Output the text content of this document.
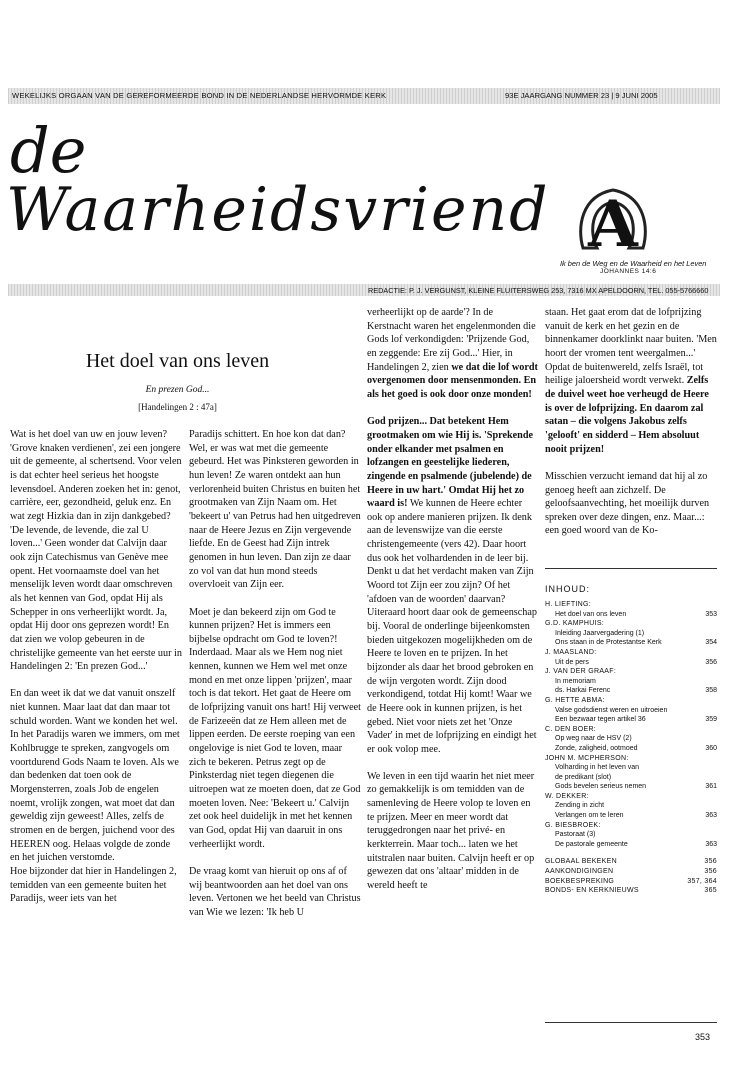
WEKELIJKS ORGAAN VAN DE GEREFORMEERDE BOND IN DE NEDERLANDSE HERVORMDE KERK	93E JAARGANG NUMMER 23 | 9 JUNI 2005
de
Waarheidsvriend A
Ik ben de Weg en de Waarheid en het Leven
JOHANNES 14:6
REDACTIE: P. J. VERGUNST, KLEINE FLUITERSWEG 253, 7316 MX APELDOORN, TEL. 055-5766660
Het doel van ons leven
En prezen God...
[Handelingen 2 : 47a]

Wat is het doel van uw en jouw leven? 'Grove knaken verdienen', zei een jongere uit de gemeente, al schertsend. Voor velen is dat echter heel serieus het hoogste levensdoel. Anderen zoeken het in: genot, carrière, eer, gezondheid, geluk enz. En wat zegt Hizkia dan in zijn dankgebed? 'De levende, de levende, die zal U loven...' Geen wonder dat Calvijn daar ook zijn Catechismus van Genève mee opent. Het voornaamste doel van het menselijk leven wordt daar omschreven als het kennen van God, opdat Hij als Schepper in ons verheerlijkt wordt. Ja, opdat Hij door ons geprezen wordt! En dat zien we volop gebeuren in de christelijke gemeente van het eerste uur in Handelingen 2: 'En prezen God...'

En dan weet ik dat we dat vanuit onszelf niet kunnen. Maar laat dat dan maar tot schuld worden. Want we konden het wel. In het Paradijs waren we immers, om met Kohlbrugge te spreken, zangvogels om voortdurend Gods Naam te loven. Als we dan bedenken dat toen ook de Morgensterren, zoals Job de engelen noemt, vrolijk zongen, wat moet dat dan geweldig zijn geweest! Alles, zelfs de stromen en de bergen, juichend voor des HEEREN oog. Helaas volgde de zonde en het juichen verstomde.

Hoe bijzonder dat hier in Handelingen 2, temidden van een gemeente buiten het Paradijs, weer iets van het

Paradijs schittert. En hoe kon dat dan? Wel, er was wat met die gemeente gebeurd. Het was Pinksteren geworden in hun leven! Ze waren ontdekt aan hun verlorenheid buiten Christus en buiten het grootmaken van Zijn Naam om. Het 'bekeert u' van Petrus had hen uitgedreven naar de Heere Jezus en Zijn vergevende liefde. En de Geest had Zijn intrek genomen in hun leven. Dan zijn ze daar zo vol van dat hun mond steeds overvloeit van Zijn eer.

Moet je dan bekeerd zijn om God te kunnen prijzen? Het is immers een bijbelse opdracht om God te loven?! Inderdaad. Maar als we Hem nog niet kennen, kunnen we Hem wel met onze mond en met onze lippen 'prijzen', maar toch is dat tekort. Het gaat de Heere om de lofprijzing vanuit ons hart! Hij verweet de Farizeeën dat ze Hem alleen met de lippen eerden. De eerste roeping van een ongelovige is niet God te loven, maar zich te bekeren. Petrus zegt op de Pinksterdag niet tegen diegenen die uitroepen wat ze moeten doen, dat ze God moeten loven. Nee: 'Bekeert u.' Calvijn zet ook heel duidelijk in met het kennen van God, opdat Hij van daaruit in ons verheerlijkt wordt.

De vraag komt van hieruit op ons af of wij beantwoorden aan het doel van ons leven. Vertonen we het beeld van Christus van Wie we lezen: 'Ik heb U

verheerlijkt op de aarde'? In de Kerstnacht waren het engelenmonden die Gods lof verkondigden: 'Prijzende God, en zeggende: Ere zij God...' Hier, in Handelingen 2, zien we dat die lof wordt overgenomen door mensenmonden. En als het goed is ook door onze monden!

God prijzen... Dat betekent Hem grootmaken om wie Hij is. 'Sprekende onder elkander met psalmen en lofzangen en geestelijke liederen, zingende en psalmende (jubelende) de Heere in uw hart.' Omdat Hij het zo waard is! We kunnen de Heere echter ook op andere manieren prijzen. Ik denk aan de levenswijze van die eerste christengemeente (vers 42). Daar hoort dus ook het volhardenden in de leer bij. Denkt u dat het verdacht maken van Zijn Woord tot Zijn eer zou zijn? Of het 'afdoen van de woorden' daarvan? Uiteraard hoort daar ook de gemeenschap bij. Vooral de onderlinge bijeenkomsten bieden uitgekozen mogelijkheden om de Heere te loven en te prijzen. In het bijzonder als daar het brood gebroken en de wijn vergoten wordt. Zijn dood verkondigend, totdat Hij komt! Waar we de Heere ook in kunnen prijzen, is het gebed. Niet voor niets zet het 'Onze Vader' in met de lofprijzing en eindigt het er ook volop mee.

We leven in een tijd waarin het niet meer zo gemakkelijk is om temidden van de samenleving de Heere volop te loven en te prijzen. Meer en meer wordt dat teruggedrongen naar het privé- en kerkterrein. Maar toch... laten we het uitstralen naar buiten. Calvijn heeft er op gewezen dat ons 'altaar' midden in de wereld heeft te

staan. Het gaat erom dat de lofprijzing vanuit de kerk en het gezin en de binnenkamer doorklinkt naar buiten. 'Men hoort der vromen tent weergalmen...' Opdat de buitenwereld, zelfs Israël, tot heilige jaloersheid wordt verwekt. Zelfs de duivel weet hoe verheugd de Heere is over de lofprijzing. En daarom zal satan – die volgens Jakobus zelfs 'gelooft' en sidderd – Hem absoluut nooit prijzen!

Misschien verzucht iemand dat hij al zo genoeg heeft aan zichzelf. De geloofsaanvechting, het moeilijk durven spreken over deze dingen, enz. Maar...: een goed woord van de Ko-

INHOUD:
H. LIEFTING:
Het doel van ons leven	353
G.D. KAMPHUIS:
Inleiding Jaarvergadering (1)
Ons staan in de Protestantse Kerk	354
J. MAASLAND:
Uit de pers	356
J. VAN DER GRAAF:
In memoriam
ds. Harkai Ferenc	358
G. HETTE ABMA:
Valse godsdienst weren en uitroeien
Een bezwaar tegen artikel 36	359
C. DEN BOER:
Op weg naar de HSV (2)
Zonde, zaligheid, ootmoed	360
JOHN M. MCPHERSON:
Volharding in het leven van
de predikant (slot)
Gods bevelen serieus nemen	361
W. DEKKER:
Zending in zicht
Verlangen om te leren	363
G. BIESBROEK:
Pastoraat (3)
De pastorale gemeente	363
GLOBAAL BEKEKEN	356
AANKONDIGINGEN	356
BOEKBESPREKING	357, 364
BONDS- EN KERKNIEUWS	365
353
